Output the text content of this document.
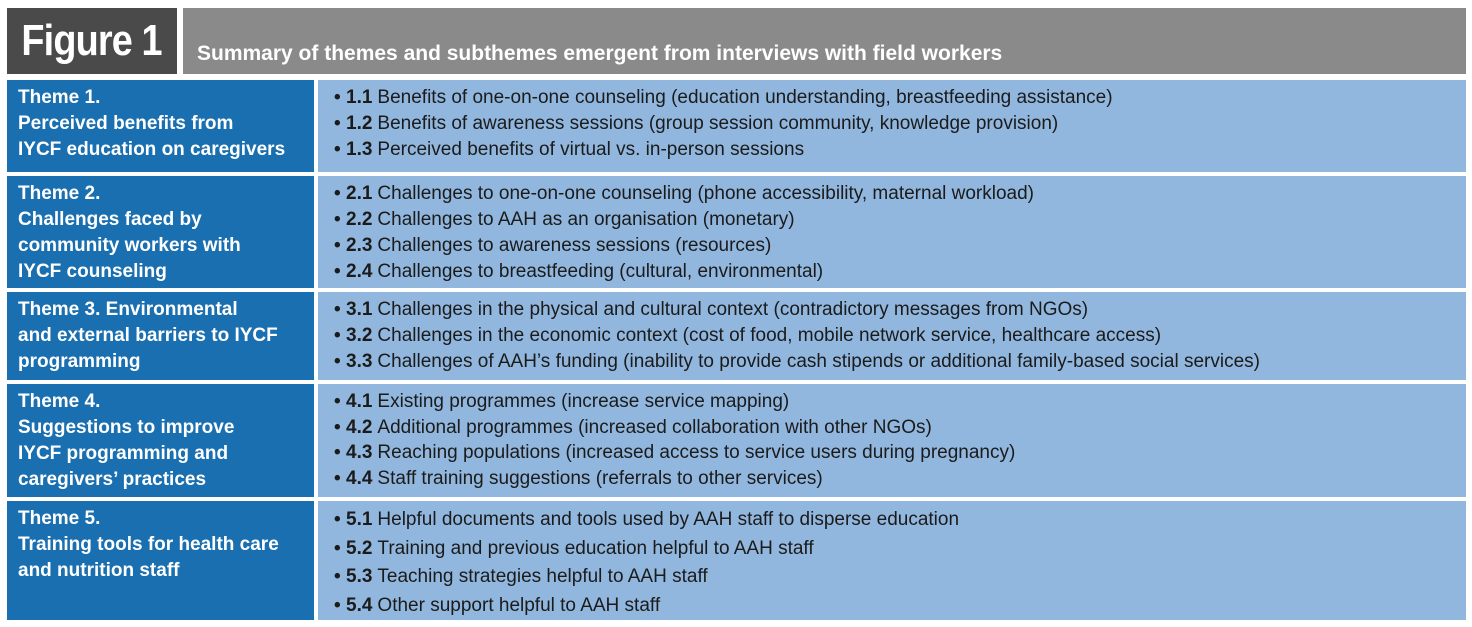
Figure 1	Summary of themes and subthemes emergent from interviews with field workers
Theme 1.
Perceived benefits from
IYCF education on caregivers
• 1.1 Benefits of one-on-one counseling (education understanding, breastfeeding assistance)
• 1.2 Benefits of awareness sessions (group session community, knowledge provision)
• 1.3 Perceived benefits of virtual vs. in-person sessions
Theme 2.
Challenges faced by
community workers with
IYCF counseling
• 2.1 Challenges to one-on-one counseling (phone accessibility, maternal workload)
• 2.2 Challenges to AAH as an organisation (monetary)
• 2.3 Challenges to awareness sessions (resources)
• 2.4 Challenges to breastfeeding (cultural, environmental)
Theme 3. Environmental
and external barriers to IYCF
programming
• 3.1 Challenges in the physical and cultural context (contradictory messages from NGOs)
• 3.2 Challenges in the economic context (cost of food, mobile network service, healthcare access)
• 3.3 Challenges of AAH’s funding (inability to provide cash stipends or additional family-based social services)
Theme 4.
Suggestions to improve
IYCF programming and
caregivers’ practices
• 4.1 Existing programmes (increase service mapping)
• 4.2 Additional programmes (increased collaboration with other NGOs)
• 4.3 Reaching populations (increased access to service users during pregnancy)
• 4.4 Staff training suggestions (referrals to other services)
Theme 5.
Training tools for health care
and nutrition staff
• 5.1 Helpful documents and tools used by AAH staff to disperse education
• 5.2 Training and previous education helpful to AAH staff
• 5.3 Teaching strategies helpful to AAH staff
• 5.4 Other support helpful to AAH staff
